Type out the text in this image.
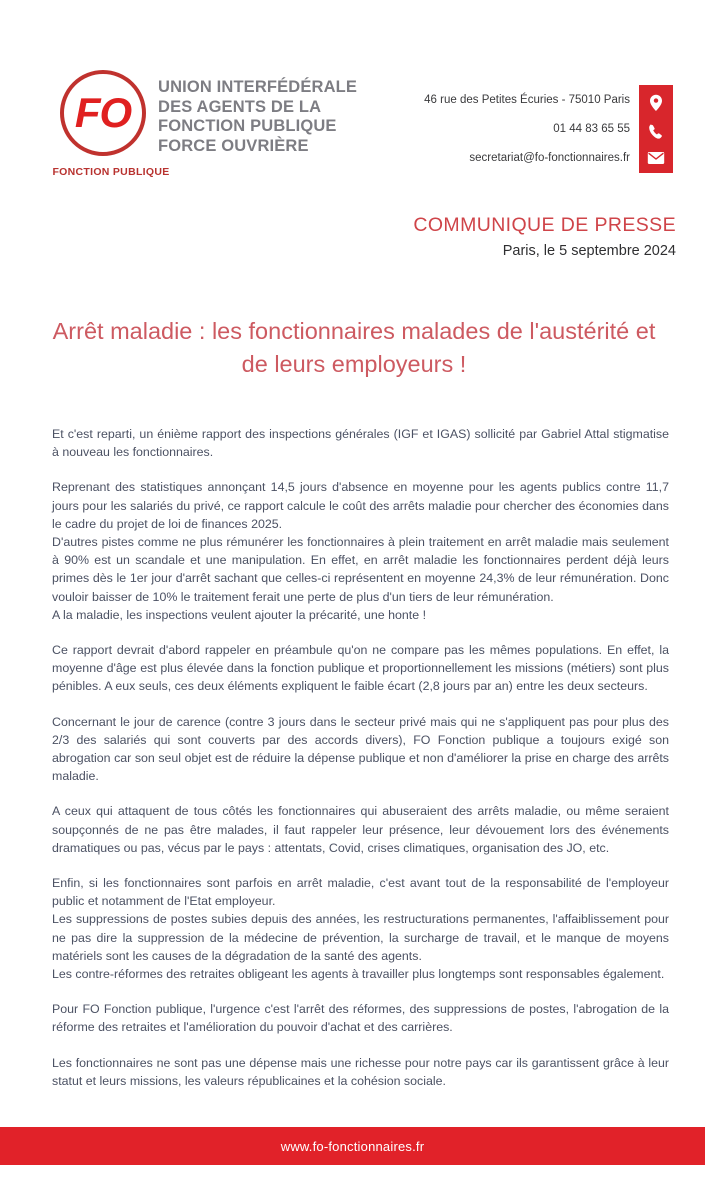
FO
FONCTION PUBLIQUE
UNION INTERFÉDÉRALE
DES AGENTS DE LA
FONCTION PUBLIQUE
FORCE OUVRIÈRE
46 rue des Petites Écuries - 75010 Paris
01 44 83 65 55
secretariat@fo-fonctionnaires.fr
COMMUNIQUE DE PRESSE
Paris, le 5 septembre 2024
Arrêt maladie : les fonctionnaires malades de l'austérité et de leurs employeurs !
Et c'est reparti, un énième rapport des inspections générales (IGF et IGAS) sollicité par Gabriel Attal stigmatise à nouveau les fonctionnaires.
Reprenant des statistiques annonçant 14,5 jours d'absence en moyenne pour les agents publics contre 11,7 jours pour les salariés du privé, ce rapport calcule le coût des arrêts maladie pour chercher des économies dans le cadre du projet de loi de finances 2025.
D'autres pistes comme ne plus rémunérer les fonctionnaires à plein traitement en arrêt maladie mais seulement à 90% est un scandale et une manipulation. En effet, en arrêt maladie les fonctionnaires perdent déjà leurs primes dès le 1er jour d'arrêt sachant que celles-ci représentent en moyenne 24,3% de leur rémunération. Donc vouloir baisser de 10% le traitement ferait une perte de plus d'un tiers de leur rémunération.
A la maladie, les inspections veulent ajouter la précarité, une honte !
Ce rapport devrait d'abord rappeler en préambule qu'on ne compare pas les mêmes populations. En effet, la moyenne d'âge est plus élevée dans la fonction publique et proportionnellement les missions (métiers) sont plus pénibles. A eux seuls, ces deux éléments expliquent le faible écart (2,8 jours par an) entre les deux secteurs.
Concernant le jour de carence (contre 3 jours dans le secteur privé mais qui ne s'appliquent pas pour plus des 2/3 des salariés qui sont couverts par des accords divers), FO Fonction publique a toujours exigé son abrogation car son seul objet est de réduire la dépense publique et non d'améliorer la prise en charge des arrêts maladie.
A ceux qui attaquent de tous côtés les fonctionnaires qui abuseraient des arrêts maladie, ou même seraient soupçonnés de ne pas être malades, il faut rappeler leur présence, leur dévouement lors des événements dramatiques ou pas, vécus par le pays : attentats, Covid, crises climatiques, organisation des JO, etc.
Enfin, si les fonctionnaires sont parfois en arrêt maladie, c'est avant tout de la responsabilité de l'employeur public et notamment de l'Etat employeur.
Les suppressions de postes subies depuis des années, les restructurations permanentes, l'affaiblissement pour ne pas dire la suppression de la médecine de prévention, la surcharge de travail, et le manque de moyens matériels sont les causes de la dégradation de la santé des agents.
Les contre-réformes des retraites obligeant les agents à travailler plus longtemps sont responsables également.
Pour FO Fonction publique, l'urgence c'est l'arrêt des réformes, des suppressions de postes, l'abrogation de la réforme des retraites et l'amélioration du pouvoir d'achat et des carrières.
Les fonctionnaires ne sont pas une dépense mais une richesse pour notre pays car ils garantissent grâce à leur statut et leurs missions, les valeurs républicaines et la cohésion sociale.
www.fo-fonctionnaires.fr
